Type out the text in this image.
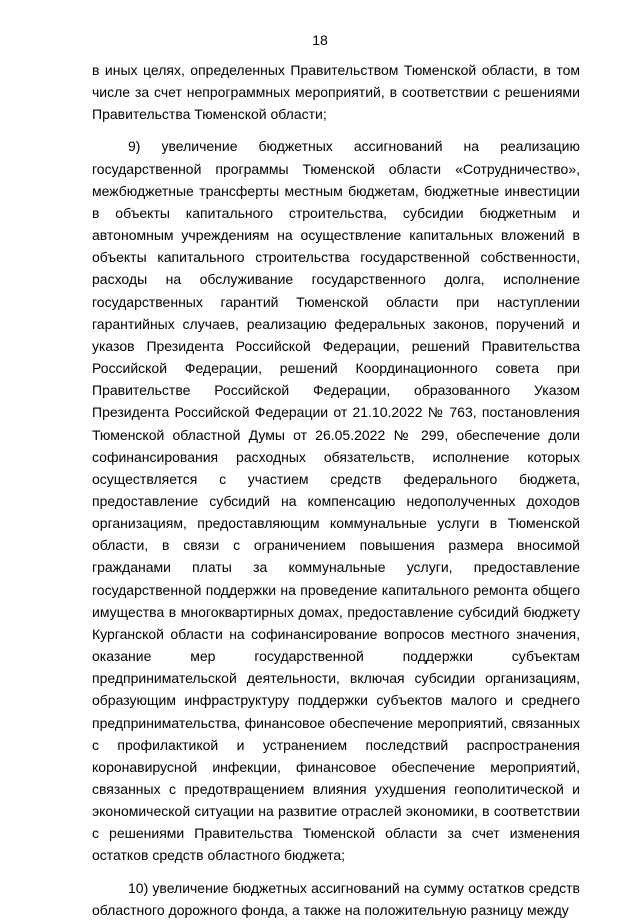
18

в иных целях, определенных Правительством Тюменской области, в том числе за счет непрограммных мероприятий, в соответствии с решениями Правительства Тюменской области;

9) увеличение бюджетных ассигнований на реализацию государственной программы Тюменской области «Сотрудничество», межбюджетные трансферты местным бюджетам, бюджетные инвестиции в объекты капитального строительства, субсидии бюджетным и автономным учреждениям на осуществление капитальных вложений в объекты капитального строительства государственной собственности, расходы на обслуживание государственного долга, исполнение государственных гарантий Тюменской области при наступлении гарантийных случаев, реализацию федеральных законов, поручений и указов Президента Российской Федерации, решений Правительства Российской Федерации, решений Координационного совета при Правительстве Российской Федерации, образованного Указом Президента Российской Федерации от 21.10.2022 № 763, постановления Тюменской областной Думы от 26.05.2022 № 299, обеспечение доли софинансирования расходных обязательств, исполнение которых осуществляется с участием средств федерального бюджета, предоставление субсидий на компенсацию недополученных доходов организациям, предоставляющим коммунальные услуги в Тюменской области, в связи с ограничением повышения размера вносимой гражданами платы за коммунальные услуги, предоставление государственной поддержки на проведение капитального ремонта общего имущества в многоквартирных домах, предоставление субсидий бюджету Курганской области на софинансирование вопросов местного значения, оказание мер государственной поддержки субъектам предпринимательской деятельности, включая субсидии организациям, образующим инфраструктуру поддержки субъектов малого и среднего предпринимательства, финансовое обеспечение мероприятий, связанных с профилактикой и устранением последствий распространения коронавирусной инфекции, финансовое обеспечение мероприятий, связанных с предотвращением влияния ухудшения геополитической и экономической ситуации на развитие отраслей экономики, в соответствии с решениями Правительства Тюменской области за счет изменения остатков средств областного бюджета;

10) увеличение бюджетных ассигнований на сумму остатков средств областного дорожного фонда, а также на положительную разницу между
